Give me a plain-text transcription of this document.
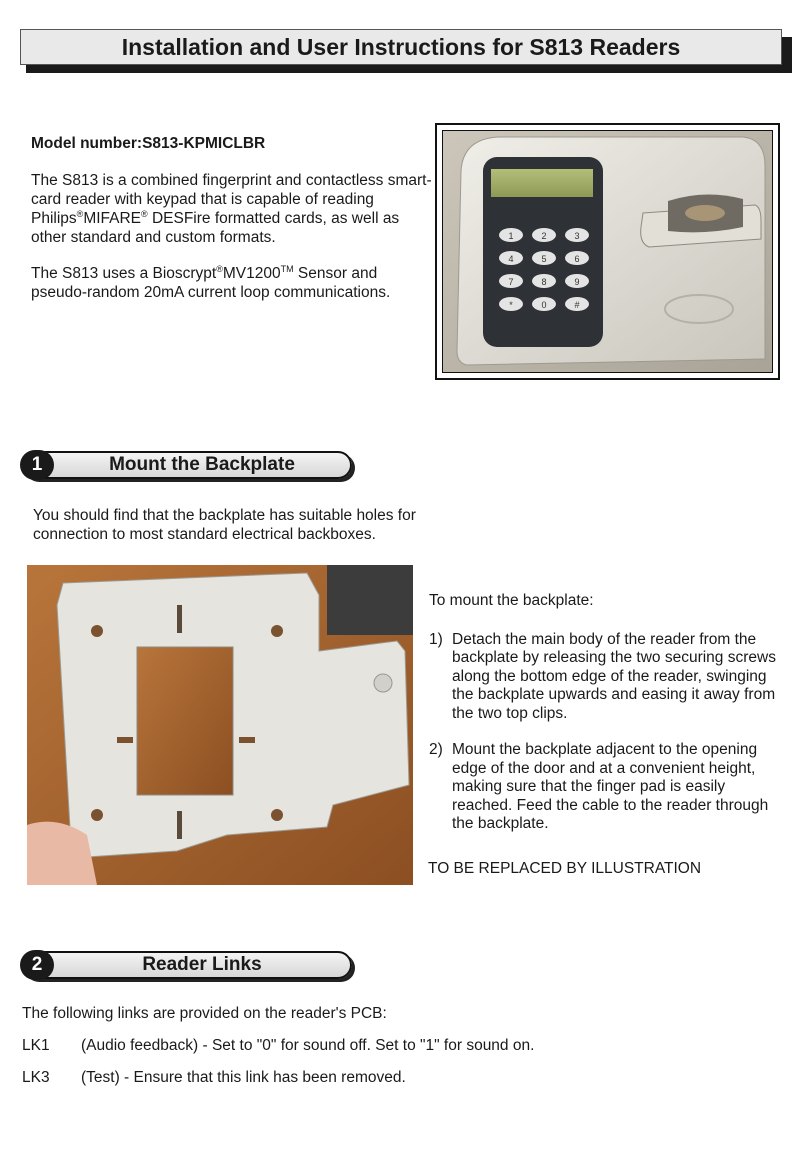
Installation and User Instructions for S813 Readers

Model number:S813-KPMICLBR

The S813 is a combined fingerprint and contactless smart-card reader with keypad that is capable of reading Philips®MIFARE® DESFire formatted cards, as well as other standard and custom formats.

The S813 uses a Bioscrypt®MV1200™ Sensor and pseudo-random 20mA current loop communications.

1	2	3
4	5	6
7	8	9
*	0	#
1	Mount the Backplate
You should find that the backplate has suitable holes for connection to most standard electrical backboxes.

To mount the backplate:

1) Detach the main body of the reader from the backplate by releasing the two securing screws along the bottom edge of the reader, swinging the backplate upwards and easing it away from the two top clips.
2) Mount the backplate adjacent to the opening edge of the door and at a convenient height, making sure that the finger pad is easily reached. Feed the cable to the reader through the backplate.
TO BE REPLACED BY ILLUSTRATION
2	Reader Links
The following links are provided on the reader's PCB:
LK1	(Audio feedback) - Set to "0" for sound off. Set to "1" for sound on.
LK3	(Test) - Ensure that this link has been removed.
